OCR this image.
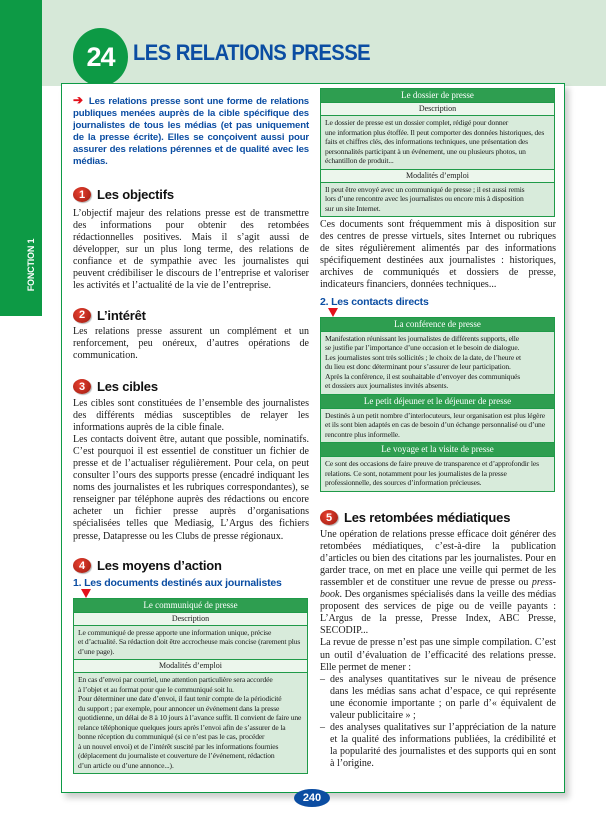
FONCTION 1
24 LES RELATIONS PRESSE

➔ Les relations presse sont une forme de relations publiques menées auprès de la cible spécifique des journalistes de tous les médias (et pas uniquement de la presse écrite). Elles se conçoivent aussi pour assurer des relations pérennes et de qualité avec les médias.

1 Les objectifs

L’objectif majeur des relations presse est de transmettre des informations pour obtenir des retombées rédactionnelles positives. Mais il s’agit aussi de développer, sur un plus long terme, des relations de confiance et de sympathie avec les journalistes qui peuvent crédibiliser le discours de l’entreprise et valoriser les activités et l’actualité de la vie de l’entreprise.

2 L’intérêt

Les relations presse assurent un complément et un renforcement, peu onéreux, d’autres opérations de communication.

3 Les cibles

Les cibles sont constituées de l’ensemble des journalistes des différents médias susceptibles de relayer les informations auprès de la cible finale.

Les contacts doivent être, autant que possible, nominatifs. C’est pourquoi il est essentiel de constituer un fichier de presse et de l’actualiser régulièrement. Pour cela, on peut consulter l’ours des supports presse (encadré indiquant les noms des journalistes et les rubriques correspondantes), se renseigner par téléphone auprès des rédactions ou encore acheter un fichier presse auprès d’organisations spécialisées telles que Mediasig, L’Argus des fichiers presse, Datapresse ou les Clubs de presse régionaux.

4 Les moyens d’action
1. Les documents destinés aux journalistes
Le communiqué de presse
Description
Le communiqué de presse apporte une information unique, précise
et d’actualité. Sa rédaction doit être accrocheuse mais concise (rarement plus d’une page).
Modalités d’emploi
En cas d’envoi par courriel, une attention particulière sera accordée
à l’objet et au format pour que le communiqué soit lu.
Pour déterminer une date d’envoi, il faut tenir compte de la périodicité
du support ; par exemple, pour annoncer un événement dans la presse quotidienne, un délai de 8 à 10 jours à l’avance suffit. Il convient de faire une relance téléphonique quelques jours après l’envoi afin de s’assurer de la bonne réception du communiqué (si ce n’est pas le cas, procéder
à un nouvel envoi) et de l’intérêt suscité par les informations fournies (déplacement du journaliste et couverture de l’événement, rédaction
d’un article ou d’une annonce...).
Le dossier de presse
Description
Le dossier de presse est un dossier complet, rédigé pour donner
une information plus étoffée. Il peut comporter des données historiques, des faits et chiffres clés, des informations techniques, une présentation des personnalités participant à un événement, une ou plusieurs photos, un échantillon de produit...
Modalités d’emploi
Il peut être envoyé avec un communiqué de presse ; il est aussi remis
lors d’une rencontre avec les journalistes ou encore mis à disposition
sur un site Internet.

Ces documents sont fréquemment mis à disposition sur des centres de presse virtuels, sites Internet ou rubriques de sites régulièrement alimentés par des informations spécifiquement destinées aux journalistes : historiques, archives de communiqués et dossiers de presse, indicateurs financiers, données techniques...

2. Les contacts directs
La conférence de presse
Manifestation réunissant les journalistes de différents supports, elle
se justifie par l’importance d’une occasion et le besoin de dialogue.
Les journalistes sont très sollicités ; le choix de la date, de l’heure et
du lieu est donc déterminant pour s’assurer de leur participation.
Après la conférence, il est souhaitable d’envoyer des communiqués
et dossiers aux journalistes invités absents.
Le petit déjeuner et le déjeuner de presse
Destinés à un petit nombre d’interlocuteurs, leur organisation est plus légère et ils sont bien adaptés en cas de besoin d’un échange personnalisé ou d’une rencontre plus informelle.
Le voyage et la visite de presse
Ce sont des occasions de faire preuve de transparence et d’approfondir les relations. Ce sont, notamment pour les journalistes de la presse professionnelle, des sources d’information précieuses.
5 Les retombées médiatiques

Une opération de relations presse efficace doit générer des retombées médiatiques, c’est-à-dire la publication d’articles ou bien des citations par les journalistes. Pour en garder trace, on met en place une veille qui permet de les rassembler et de constituer une revue de presse ou press-book. Des organismes spécialisés dans la veille des médias proposent des services de pige ou de veille payants : L’Argus de la presse, Presse Index, ABC Presse, SECODIP...

La revue de presse n’est pas une simple compilation. C’est un outil d’évaluation de l’efficacité des relations presse. Elle permet de mener :

– des analyses quantitatives sur le niveau de présence dans les médias sans achat d’espace, ce qui représente une économie importante ; on parle d’« équivalent de valeur publicitaire » ;
– des analyses qualitatives sur l’appréciation de la nature et la qualité des informations publiées, la crédibilité et la popularité des journalistes et des supports qui en sont à l’origine.
240
